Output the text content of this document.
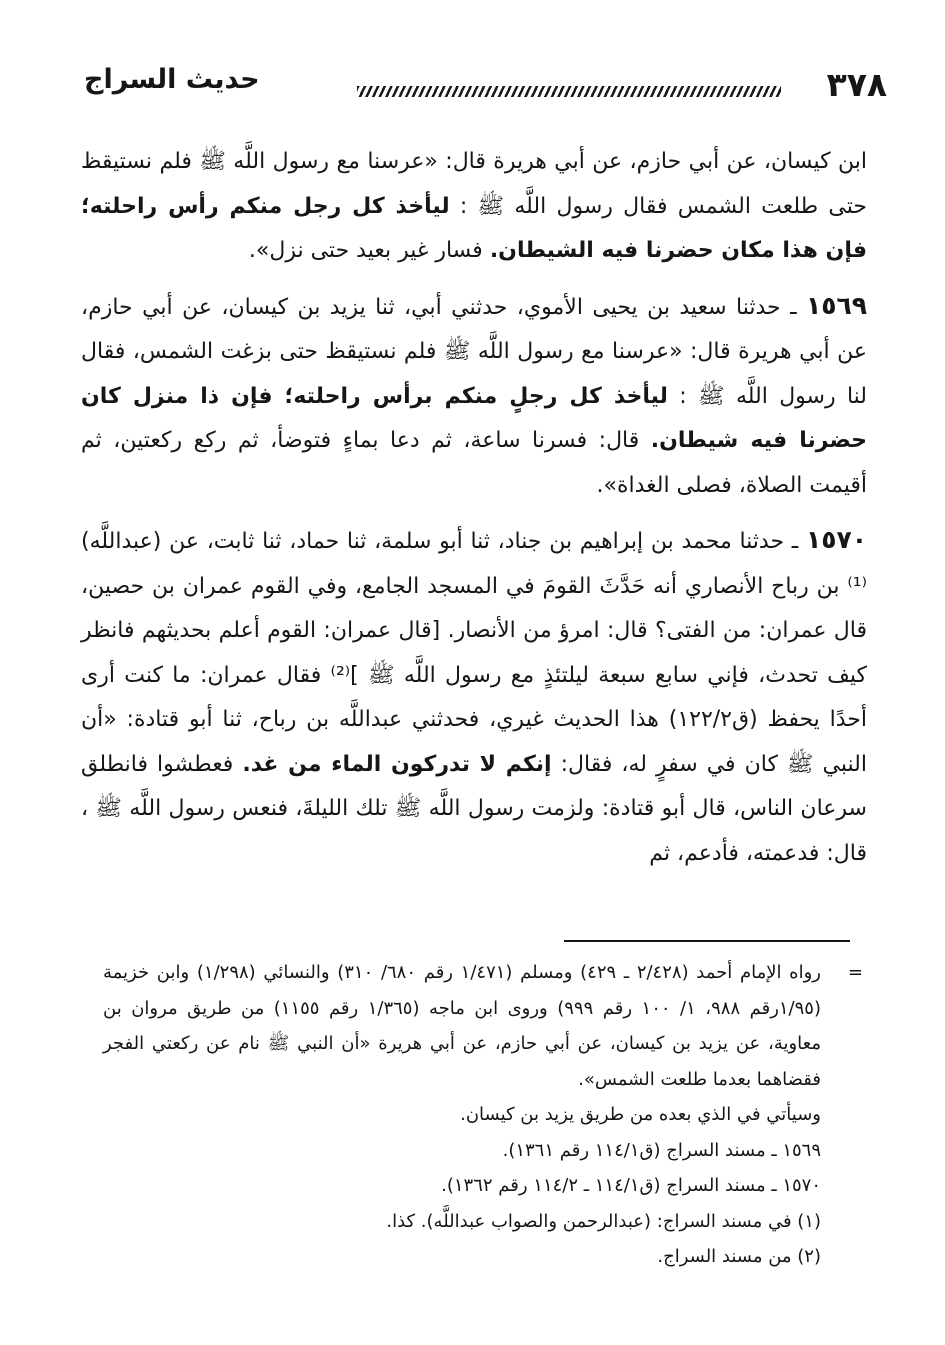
٣٧٨
حديث السراج

ابن كيسان، عن أبي حازم، عن أبي هريرة قال: «عرسنا مع رسول اللَّه ﷺ فلم نستيقظ حتى طلعت الشمس فقال رسول اللَّه ﷺ : ليأخذ كل رجل منكم رأس راحلته؛ فإن هذا مكان حضرنا فيه الشيطان. فسار غير بعيد حتى نزل».

١٥٦٩ ـ حدثنا سعيد بن يحيى الأموي، حدثني أبي، ثنا يزيد بن كيسان، عن أبي حازم، عن أبي هريرة قال: «عرسنا مع رسول اللَّه ﷺ فلم نستيقظ حتى بزغت الشمس، فقال لنا رسول اللَّه ﷺ : ليأخذ كل رجلٍ منكم برأس راحلته؛ فإن ذا منزل كان حضرنا فيه شيطان. قال: فسرنا ساعة، ثم دعا بماءٍ فتوضأ، ثم ركع ركعتين، ثم أقيمت الصلاة، فصلى الغداة».

١٥٧٠ ـ حدثنا محمد بن إبراهيم بن جناد، ثنا أبو سلمة، ثنا حماد، ثنا ثابت، عن (عبداللَّه)⁽¹⁾ بن رباح الأنصاري أنه حَدَّثَ القومَ في المسجد الجامع، وفي القوم عمران بن حصين، قال عمران: من الفتى؟ قال: امرؤ من الأنصار. [قال عمران: القوم أعلم بحديثهم فانظر كيف تحدث، فإني سابع سبعة ليلتئذٍ مع رسول اللَّه ﷺ ]⁽²⁾ فقال عمران: ما كنت أرى أحدًا يحفظ (ق١٢٢/٢) هذا الحديث غيري، فحدثني عبداللَّه بن رباح، ثنا أبو قتادة: «أن النبي ﷺ كان في سفرٍ له، فقال: إنكم لا تدركون الماء من غد. فعطشوا فانطلق سرعان الناس، قال أبو قتادة: ولزمت رسول اللَّه ﷺ تلك الليلةَ، فنعس رسول اللَّه ﷺ ، قال: فدعمته، فأدعم، ثم

=
رواه الإمام أحمد (٢/٤٢٨ ـ ٤٢٩) ومسلم (١/٤٧١ رقم ٦٨٠/ ٣١٠) والنسائي (١/٢٩٨) وابن خزيمة (١/٩٥رقم ٩٨٨، ١/ ١٠٠ رقم ٩٩٩) وروى ابن ماجه (١/٣٦٥ رقم ١١٥٥) من طريق مروان بن معاوية، عن يزيد بن كيسان، عن أبي حازم، عن أبي هريرة «أن النبي ﷺ نام عن ركعتي الفجر فقضاهما بعدما طلعت الشمس».

وسيأتي في الذي بعده من طريق يزيد بن كيسان.

١٥٦٩ ـ مسند السراج (ق١١٤/١ رقم ١٣٦١).

١٥٧٠ ـ مسند السراج (ق١١٤/١ ـ ١١٤/٢ رقم ١٣٦٢).

(١) في مسند السراج: (عبدالرحمن والصواب عبداللَّه). كذا.

(٢) من مسند السراج.
